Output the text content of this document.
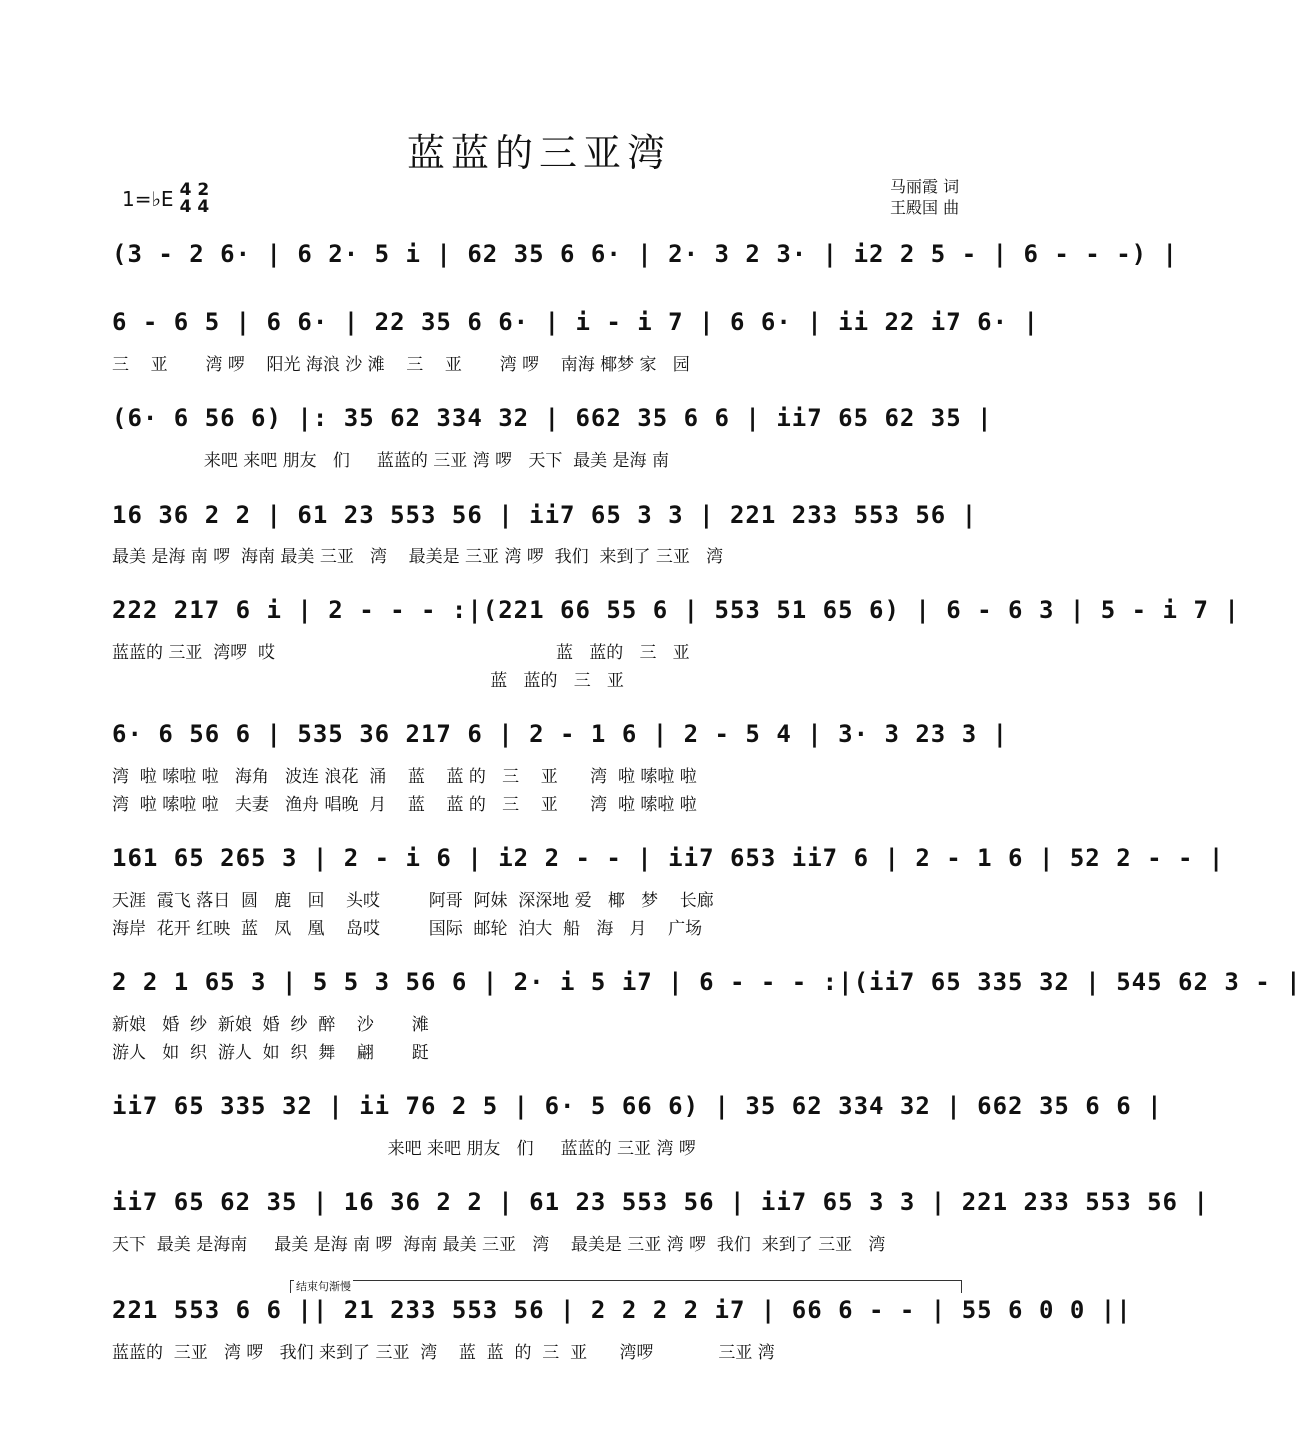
蓝蓝的三亚湾
1=♭E 4
4
2
4
马丽霞 词
王殿国 曲
结束句渐慢
(3 - 2 6· | 6 2· 5 i | 62 35 6 6· | 2· 3 2 3· | i2 2 5 - | 6 - - -) |
6 - 6 5 | 6 6· | 22 35 6 6· | i - i 7 | 6 6· | ii 22 i7 6· |
三    亚       湾 啰    阳光 海浪 沙 滩    三    亚       湾 啰    南海 椰梦 家   园
(6· 6 56 6) |: 35 62 334 32 | 662 35 6 6 | ii7 65 62 35 |
来吧 来吧 朋友   们     蓝蓝的 三亚 湾 啰   天下  最美 是海 南
16 36 2 2 | 61 23 553 56 | ii7 65 3 3 | 221 233 553 56 |
最美 是海 南 啰  海南 最美 三亚   湾    最美是 三亚 湾 啰  我们  来到了 三亚   湾
222 217 6 i | 2 - - - :|(221 66 55 6 | 553 51 65 6) | 6 - 6 3 | 5 - i 7 |
蓝蓝的 三亚  湾啰  哎                                                    蓝   蓝的   三   亚
蓝   蓝的   三   亚
6· 6 56 6 | 535 36 217 6 | 2 - 1 6 | 2 - 5 4 | 3· 3 23 3 |
湾  啦 嗦啦 啦   海角   波连 浪花  涌    蓝    蓝 的   三    亚      湾  啦 嗦啦 啦
湾  啦 嗦啦 啦   夫妻   渔舟 唱晚  月    蓝    蓝 的   三    亚      湾  啦 嗦啦 啦
161 65 265 3 | 2 - i 6 | i2 2 - - | ii7 653 ii7 6 | 2 - 1 6 | 52 2 - - |
天涯  霞飞 落日  圆   鹿   回    头哎         阿哥  阿妹  深深地 爱   椰   梦    长廊
海岸  花开 红映  蓝   凤   凰    岛哎         国际  邮轮  泊大  船   海   月    广场
2 2 1 65 3 | 5 5 3 56 6 | 2· i 5 i7 | 6 - - - :|(ii7 65 335 32 | 545 62 3 - |
新娘   婚  纱  新娘  婚  纱  醉    沙       滩
游人   如  织  游人  如  织  舞    翩       跹
ii7 65 335 32 | ii 76 2 5 | 6· 5 66 6) | 35 62 334 32 | 662 35 6 6 |
来吧 来吧 朋友   们     蓝蓝的 三亚 湾 啰
ii7 65 62 35 | 16 36 2 2 | 61 23 553 56 | ii7 65 3 3 | 221 233 553 56 |
天下  最美 是海南     最美 是海 南 啰  海南 最美 三亚   湾    最美是 三亚 湾 啰  我们  来到了 三亚   湾
221 553 6 6 || 21 233 553 56 | 2 2 2 2 i7 | 66 6 - - | 55 6 0 0 ||
蓝蓝的  三亚   湾 啰   我们 来到了 三亚  湾    蓝  蓝  的  三  亚      湾啰            三亚 湾
